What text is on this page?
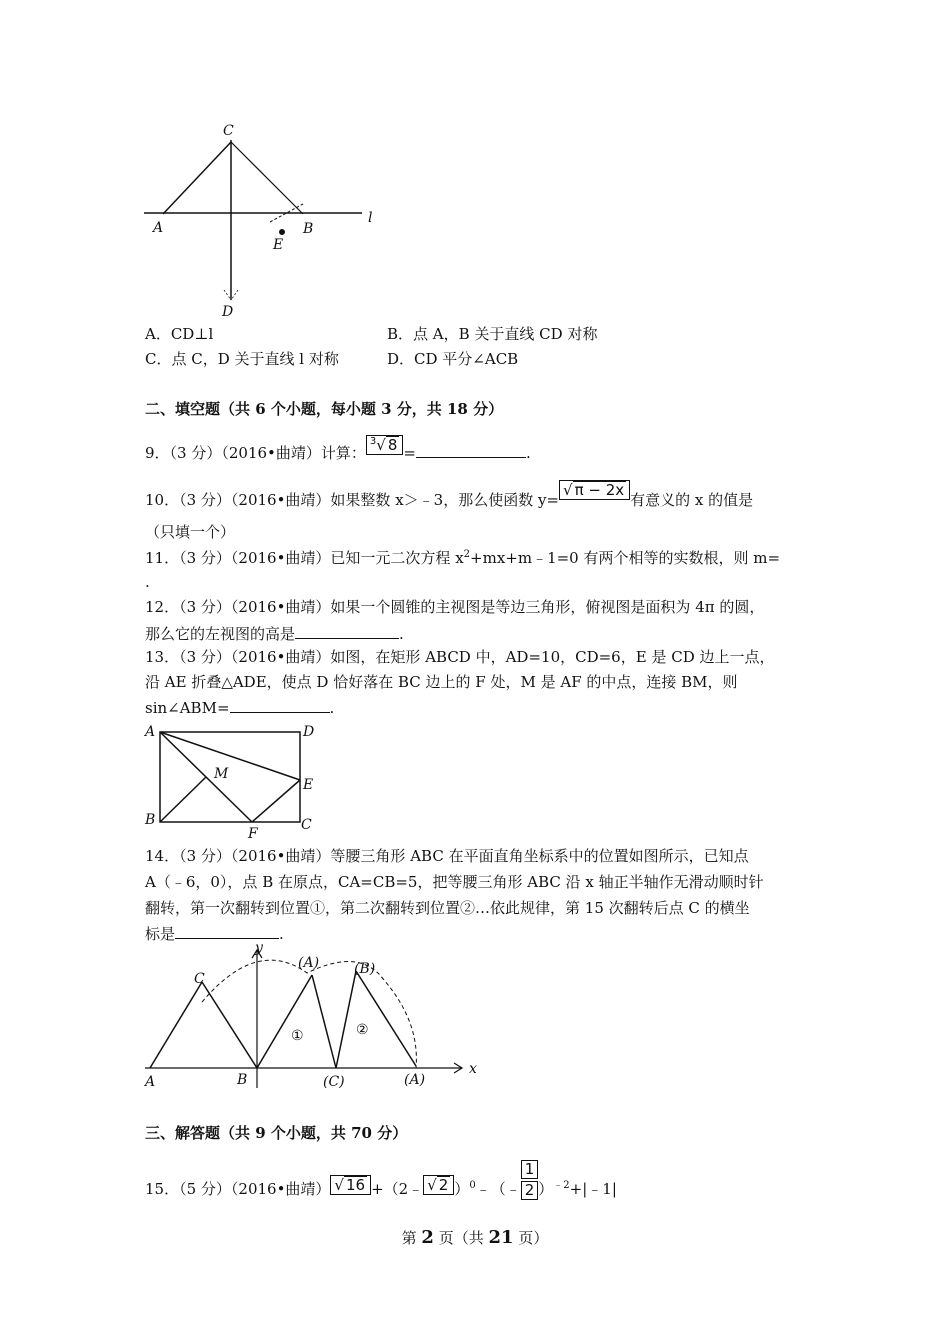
C
A	B
E
D
l
A．CD⊥l	B．点 A，B 关于直线 CD 对称
C．点 C，D 关于直线 l 对称	D．CD 平分∠ACB
二、填空题（共 6 个小题，每小题 3 分，共 18 分）
9．（3 分）（2016•曲靖）计算：$^3$√ 8 =	.
10．（3 分）（2016•曲靖）如果整数 x＞﹣3，那么使函数 y=√ π − 2x有意义的 x 的值是
（只填一个）
11．（3 分）（2016•曲靖）已知一元二次方程 $x^2+mx+m﹣1=0$ 有两个相等的实数根，则 m=
.
12．（3 分）（2016•曲靖）如果一个圆锥的主视图是等边三角形，俯视图是面积为 4π 的圆，
那么它的左视图的高是	.
13．（3 分）（2016•曲靖）如图，在矩形 ABCD 中，AD=10，CD=6，E 是 CD 边上一点，
沿 AE 折叠△ADE，使点 D 恰好落在 BC 边上的 F 处，M 是 AF 的中点，连接 BM，则
sin∠ABM=	.
A	D
M
E
B
F
C
14．（3 分）（2016•曲靖）等腰三角形 ABC 在平面直角坐标系中的位置如图所示，已知点
A（﹣6，0），点 B 在原点，CA=CB=5，把等腰三角形 ABC 沿 x 轴正半轴作无滑动顺时针
翻转，第一次翻转到位置①，第二次翻转到位置②…依此规律，第 15 次翻转后点 C 的横坐
标是	.
y
x
A	B
C
(A) (B)
(C)	(A)
①	②
三、解答题（共 9 个小题，共 70 分）
15．（5 分）（2016•曲靖） √ 16 +（2﹣ √ 2 ）$^0$﹣（﹣ $\frac{1}{2}$ ）$^{﹣2}$+|﹣1|
第 2 页（共 21 页）
